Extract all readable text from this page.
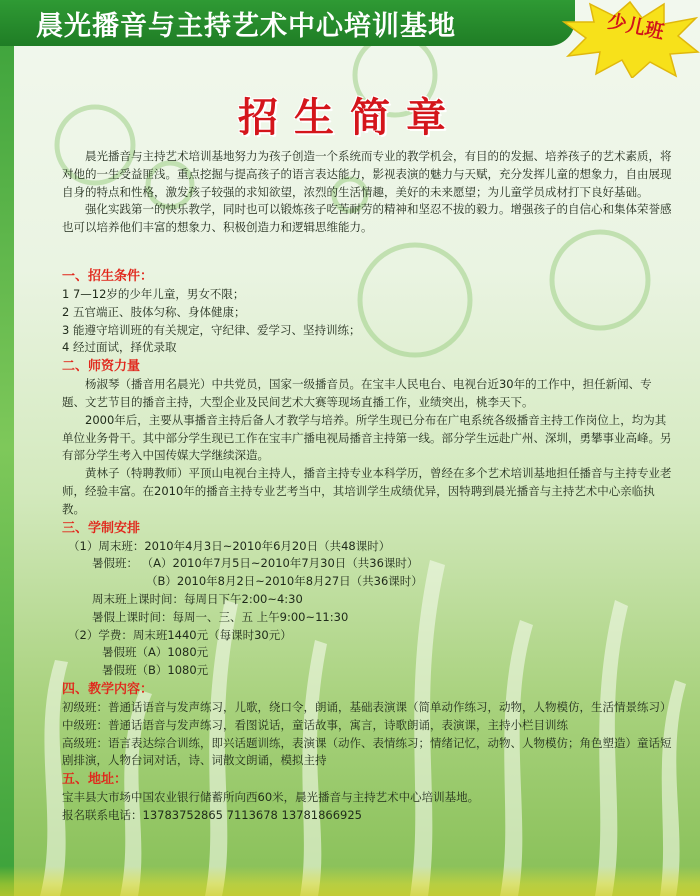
晨光播音与主持艺术中心培训基地	少儿班
招生简章

晨光播音与主持艺术培训基地努力为孩子创造一个系统而专业的教学机会，有目的的发掘、培养孩子的艺术素质，将对他的一生受益匪浅。重点挖掘与提高孩子的语言表达能力，影视表演的魅力与天赋，充分发挥儿童的想象力，自由展现自身的特点和性格，激发孩子较强的求知欲望，浓烈的生活情趣，美好的未来愿望；为儿童学员成材打下良好基础。

强化实践第一的快乐教学，同时也可以锻炼孩子吃苦耐劳的精神和坚忍不拔的毅力。增强孩子的自信心和集体荣誉感也可以培养他们丰富的想象力、积极创造力和逻辑思维能力。

一、招生条件：

1 7—12岁的少年儿童，男女不限；

2 五官端正、肢体匀称、身体健康；

3 能遵守培训班的有关规定，守纪律、爱学习、坚持训练；

4 经过面试，择优录取

二、师资力量

杨淑琴（播音用名晨光）中共党员，国家一级播音员。在宝丰人民电台、电视台近30年的工作中，担任新闻、专题、文艺节目的播音主持，大型企业及民间艺术大赛等现场直播工作，业绩突出，桃李天下。

2000年后，主要从事播音主持后备人才教学与培养。所学生现已分布在广电系统各级播音主持工作岗位上，均为其单位业务骨干。其中部分学生现已工作在宝丰广播电视局播音主持第一线。部分学生远赴广州、深圳，勇攀事业高峰。另有部分学生考入中国传媒大学继续深造。

黄林子（特聘教师）平顶山电视台主持人，播音主持专业本科学历，曾经在多个艺术培训基地担任播音与主持专业老师，经验丰富。在2010年的播音主持专业艺考当中，其培训学生成绩优异，因特聘到晨光播音与主持艺术中心亲临执教。

三、学制安排

（1）周末班：2010年4月3日~2010年6月20日（共48课时）

暑假班： （A）2010年7月5日~2010年7月30日（共36课时）

（B）2010年8月2日~2010年8月27日（共36课时）

周末班上课时间：每周日下午2:00~4:30

暑假上课时间：每周一、三、五 上午9:00~11:30

（2）学费：周末班1440元（每课时30元）

暑假班（A）1080元

暑假班（B）1080元

四、教学内容：

初级班：普通话语音与发声练习，儿歌，绕口令，朗诵，基础表演课（简单动作练习，动物，人物模仿，生活情景练习）

中级班：普通话语音与发声练习，看图说话，童话故事，寓言，诗歌朗诵，表演课，主持小栏目训练

高级班：语言表达综合训练，即兴话题训练，表演课（动作、表情练习；情绪记忆，动物、人物模仿；角色塑造）童话短剧排演，人物台词对话，诗、词散文朗诵，模拟主持

五、地址：

宝丰县大市场中国农业银行储蓄所向西60米，晨光播音与主持艺术中心培训基地。

报名联系电话：13783752865 7113678 13781866925
